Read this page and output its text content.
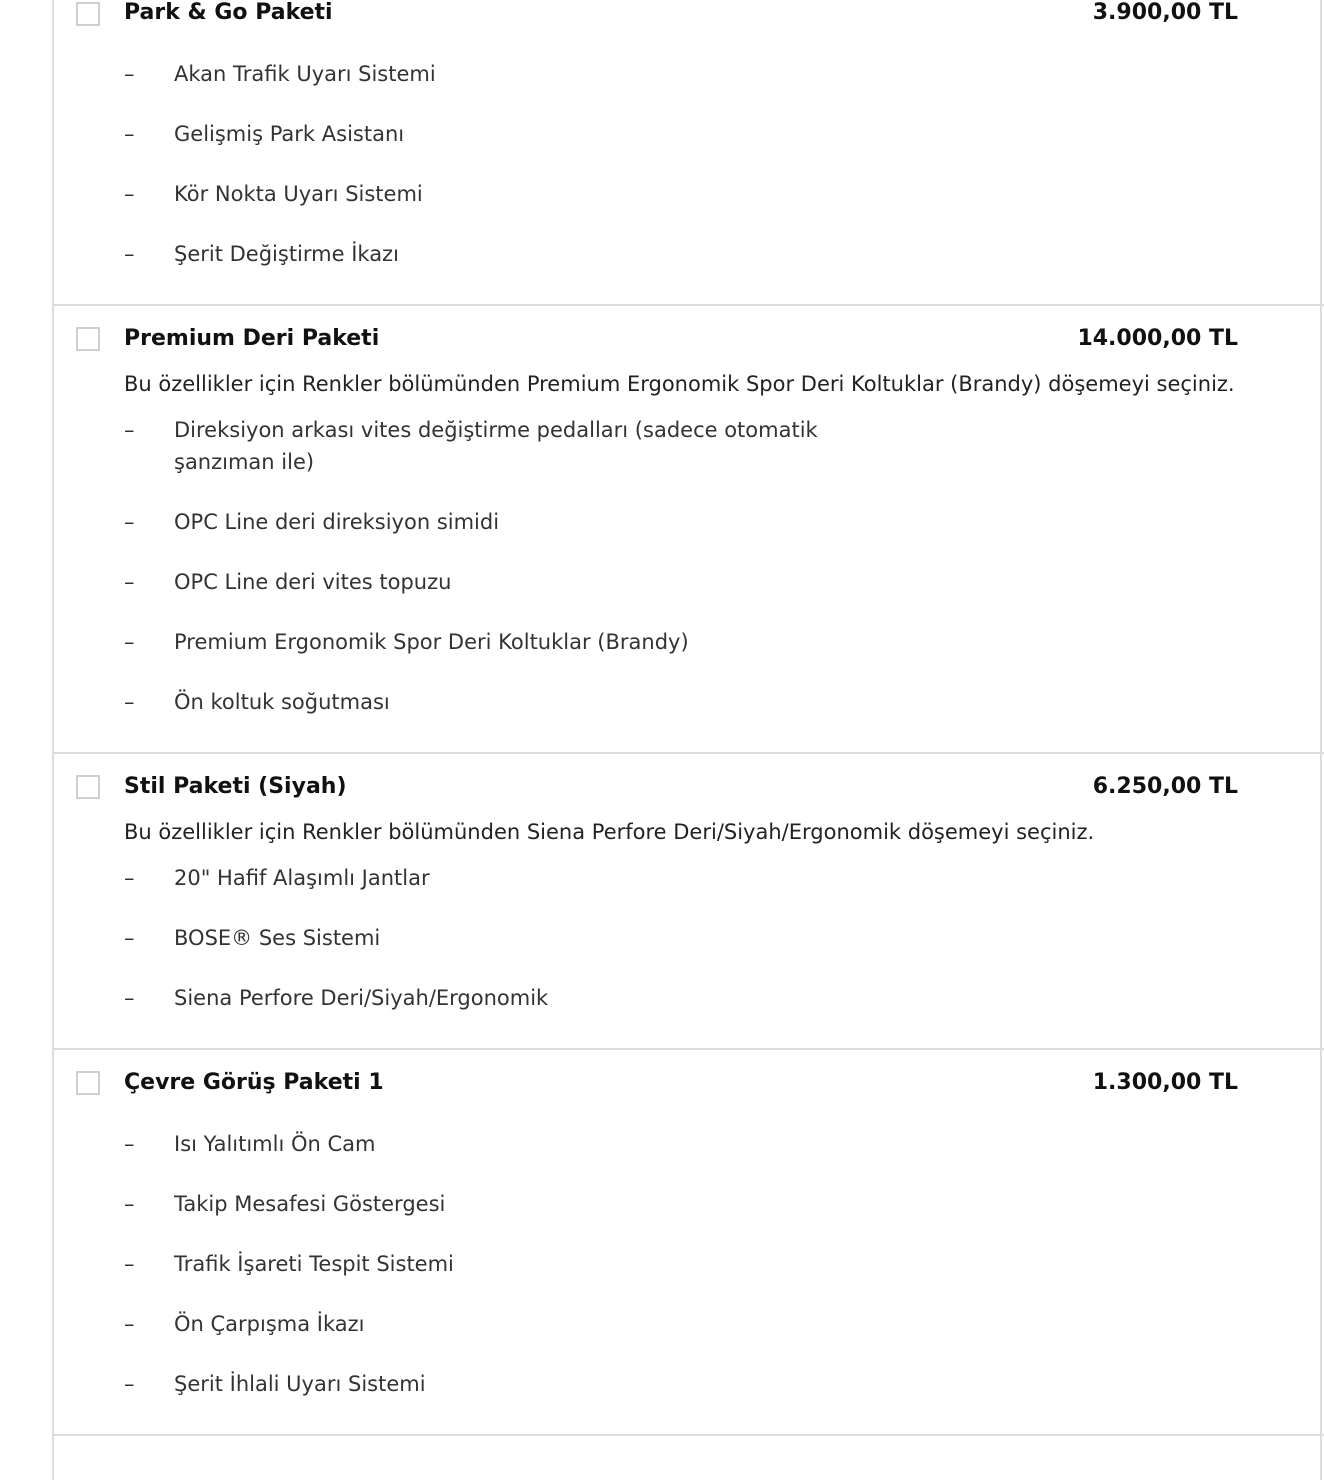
Park & Go Paketi	3.900,00 TL
– Akan Trafik Uyarı Sistemi
– Gelişmiş Park Asistanı
– Kör Nokta Uyarı Sistemi
– Şerit Değiştirme İkazı
Premium Deri Paketi	14.000,00 TL
Bu özellikler için Renkler bölümünden Premium Ergonomik Spor Deri Koltuklar (Brandy) döşemeyi seçiniz.
– Direksiyon arkası vites değiştirme pedalları (sadece otomatik şanzıman ile)
– OPC Line deri direksiyon simidi
– OPC Line deri vites topuzu
– Premium Ergonomik Spor Deri Koltuklar (Brandy)
– Ön koltuk soğutması
Stil Paketi (Siyah)	6.250,00 TL
Bu özellikler için Renkler bölümünden Siena Perfore Deri/Siyah/Ergonomik döşemeyi seçiniz.
– 20" Hafif Alaşımlı Jantlar
– BOSE® Ses Sistemi
– Siena Perfore Deri/Siyah/Ergonomik
Çevre Görüş Paketi 1	1.300,00 TL
– Isı Yalıtımlı Ön Cam
– Takip Mesafesi Göstergesi
– Trafik İşareti Tespit Sistemi
– Ön Çarpışma İkazı
– Şerit İhlali Uyarı Sistemi
